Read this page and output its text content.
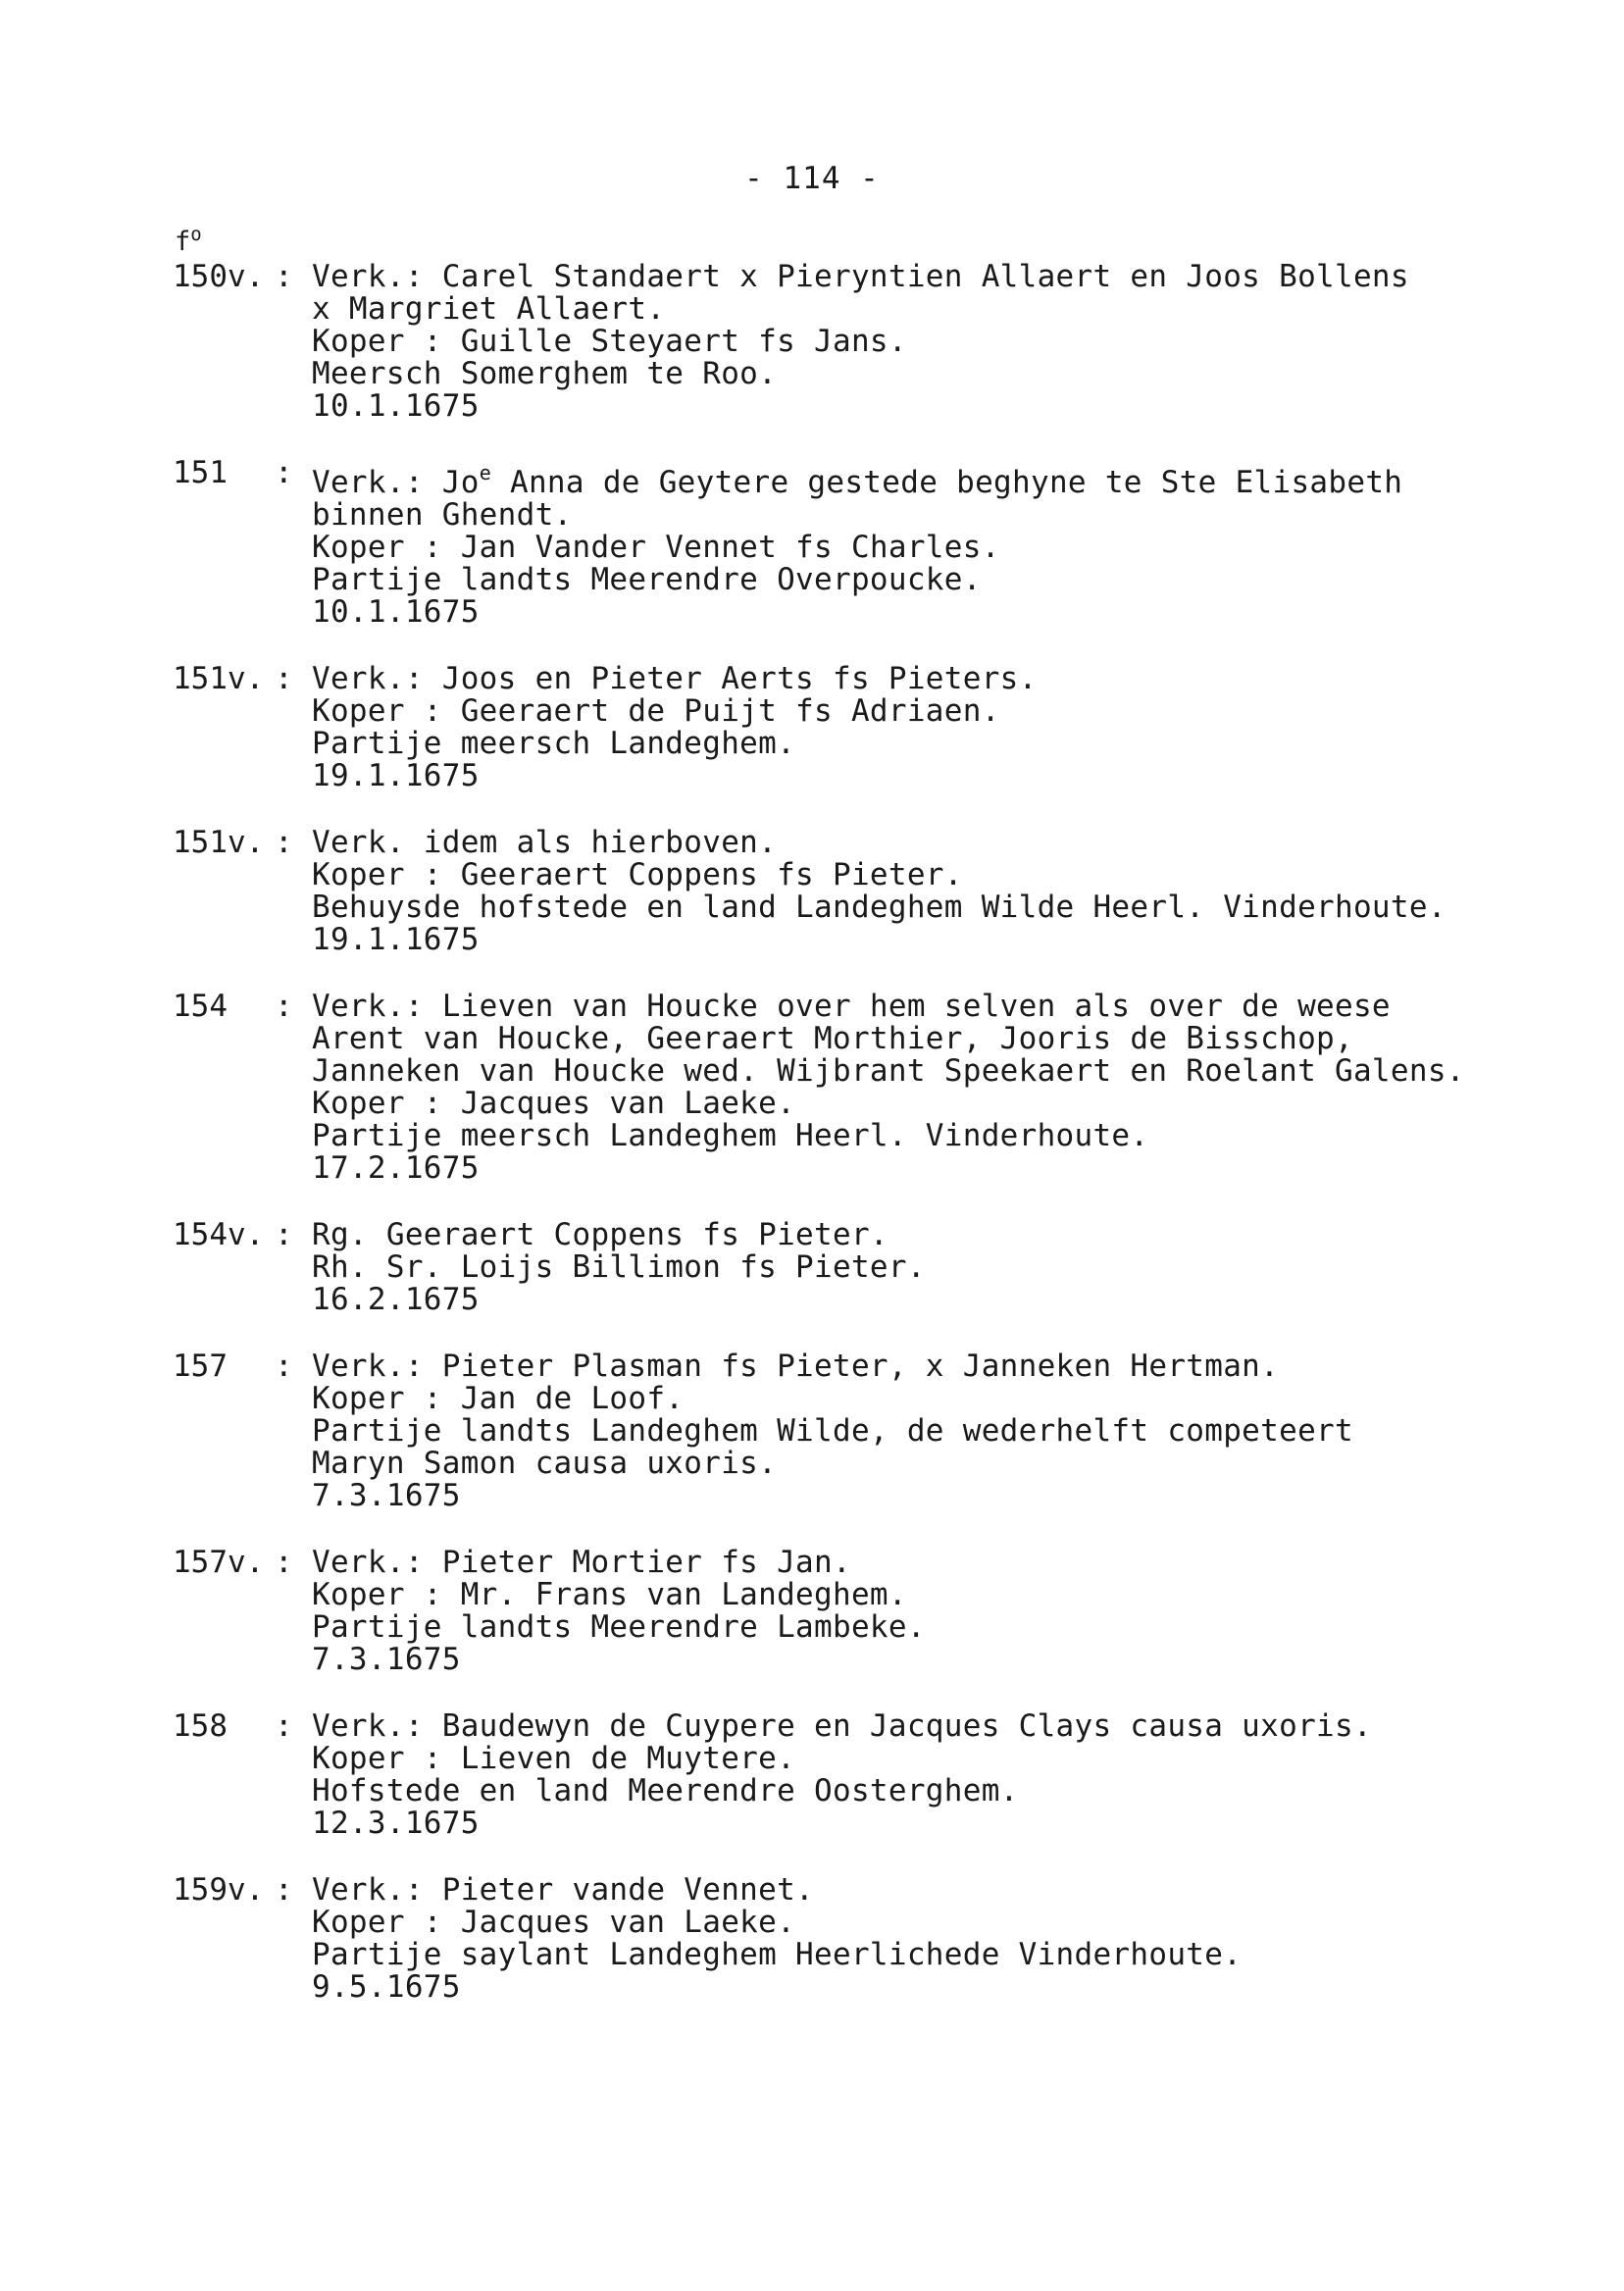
- 114 -
$f^o$
150v. : Verk.: Carel Standaert x Pieryntien Allaert en Joos Bollens
x Margriet Allaert.
Koper : Guille Steyaert fs Jans.
Meersch Somerghem te Roo.
10.1.1675
151	: Verk.: Jo$^e$ Anna de Geytere gestede beghyne te Ste Elisabeth
binnen Ghendt.
Koper : Jan Vander Vennet fs Charles.
Partije landts Meerendre Overpoucke.
10.1.1675
151v. : Verk.: Joos en Pieter Aerts fs Pieters.
Koper : Geeraert de Puijt fs Adriaen.
Partije meersch Landeghem.
19.1.1675
151v. : Verk. idem als hierboven.
Koper : Geeraert Coppens fs Pieter.
Behuysde hofstede en land Landeghem Wilde Heerl. Vinderhoute.
19.1.1675
154	: Verk.: Lieven van Houcke over hem selven als over de weese
Arent van Houcke, Geeraert Morthier, Jooris de Bisschop,
Janneken van Houcke wed. Wijbrant Speekaert en Roelant Galens.
Koper : Jacques van Laeke.
Partije meersch Landeghem Heerl. Vinderhoute.
17.2.1675
154v. : Rg. Geeraert Coppens fs Pieter.
Rh. Sr. Loijs Billimon fs Pieter.
16.2.1675
157	: Verk.: Pieter Plasman fs Pieter, x Janneken Hertman.
Koper : Jan de Loof.
Partije landts Landeghem Wilde, de wederhelft competeert
Maryn Samon causa uxoris.
7.3.1675
157v. : Verk.: Pieter Mortier fs Jan.
Koper : Mr. Frans van Landeghem.
Partije landts Meerendre Lambeke.
7.3.1675
158	: Verk.: Baudewyn de Cuypere en Jacques Clays causa uxoris.
Koper : Lieven de Muytere.
Hofstede en land Meerendre Oosterghem.
12.3.1675
159v. : Verk.: Pieter vande Vennet.
Koper : Jacques van Laeke.
Partije saylant Landeghem Heerlichede Vinderhoute.
9.5.1675
